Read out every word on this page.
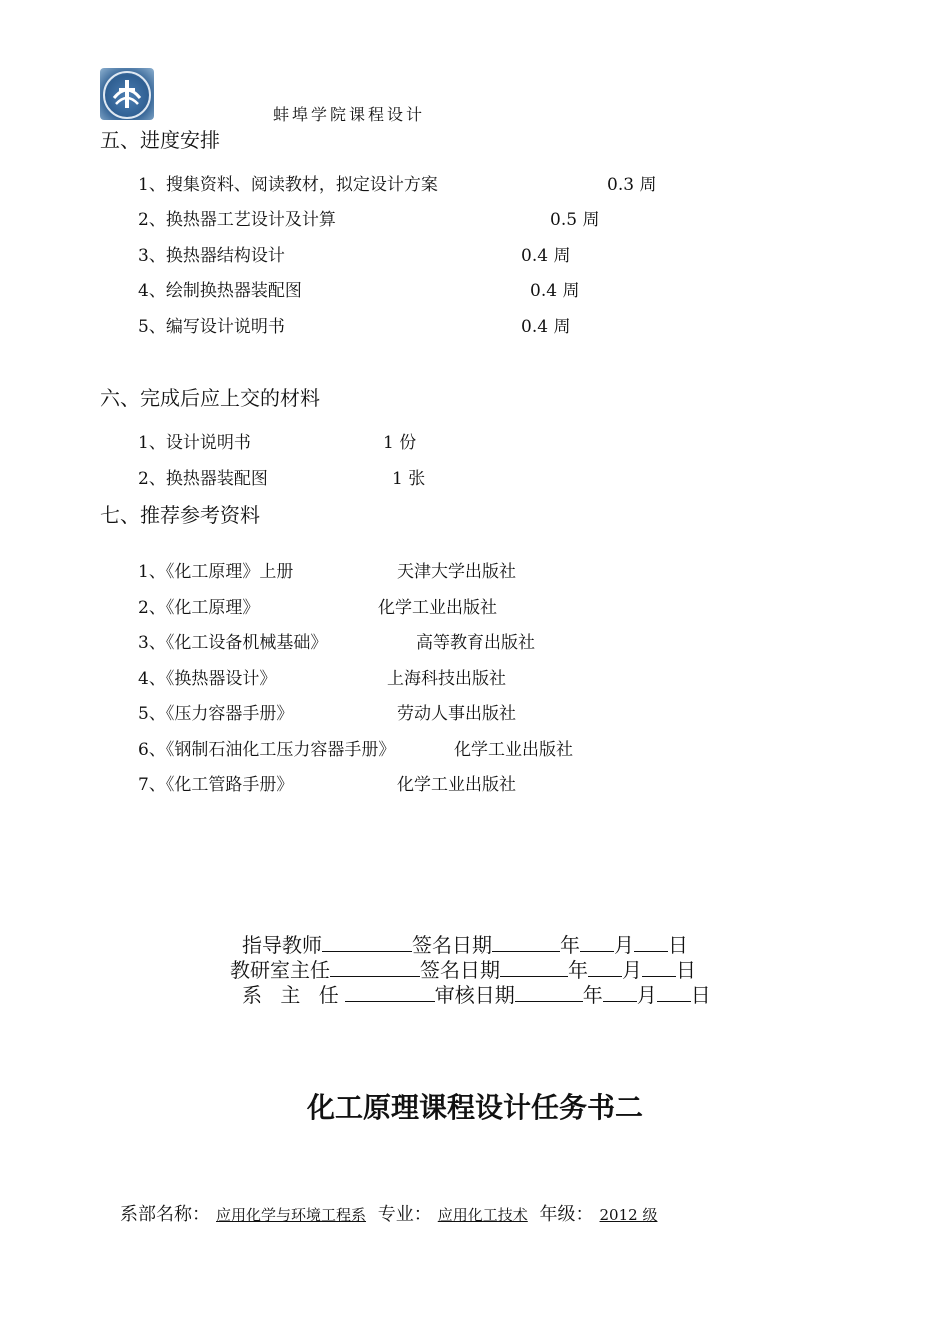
蚌埠学院课程设计
五、进度安排
1、搜集资料、阅读教材，拟定设计方案	0.3 周
2、换热器工艺设计及计算	0.5 周
3、换热器结构设计	0.4 周
4、绘制换热器装配图	0.4 周
5、编写设计说明书	0.4 周
六、完成后应上交的材料
1、设计说明书	1 份
2、换热器装配图	1 张
七、推荐参考资料
1、《化工原理》上册	天津大学出版社
2、《化工原理》	化学工业出版社
3、《化工设备机械基础》	高等教育出版社
4、《换热器设计》	上海科技出版社
5、《压力容器手册》	劳动人事出版社
6、《钢制石油化工压力容器手册》	化学工业出版社
7、《化工管路手册》	化学工业出版社
指导教师	签名日期	年 月 日
教研室主任	签名日期	年 月 日
系 主 任	审核日期	年 月 日
化工原理课程设计任务书二
系部名称： 应用化学与环境工程系 专业： 应用化工技术 年级： 2012 级
